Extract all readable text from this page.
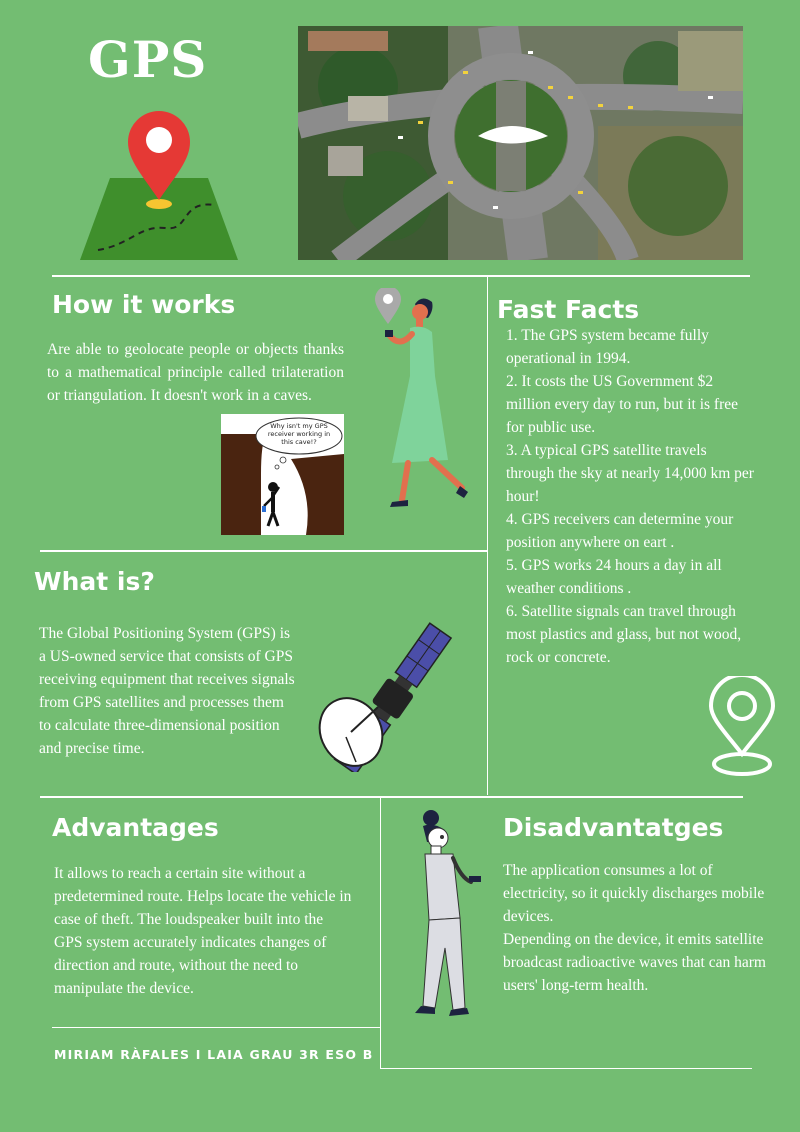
GPS
How it works
Are able to geolocate people or objects thanks to a mathematical principle called trilateration or triangulation. It doesn't work in a caves.
Why isn't my GPS receiver working in this cave!?
Fast Facts
1. The GPS system became fully operational in 1994.
2. It costs the US Government $2 million every day to run, but it is free for public use.
3. A typical GPS satellite travels through the sky at nearly 14,000 km per hour!
4. GPS receivers can determine your position anywhere on eart .
5. GPS works 24 hours a day in all weather conditions .
6. Satellite signals can travel through most plastics and glass, but not wood, rock or concrete.
What is?
The Global Positioning System (GPS) is a US-owned service that consists of GPS receiving equipment that receives signals from GPS satellites and processes them to calculate three-dimensional position and precise time.
Advantages
It allows to reach a certain site without a predetermined route. Helps locate the vehicle in case of theft. The loudspeaker built into the GPS system accurately indicates changes of direction and route, without the need to manipulate the device.
MIRIAM RÀFALES I LAIA GRAU 3R ESO B
Disadvantatges
The application consumes a lot of electricity, so it quickly discharges mobile devices.
Depending on the device, it emits satellite broadcast radioactive waves that can harm users' long-term health.
